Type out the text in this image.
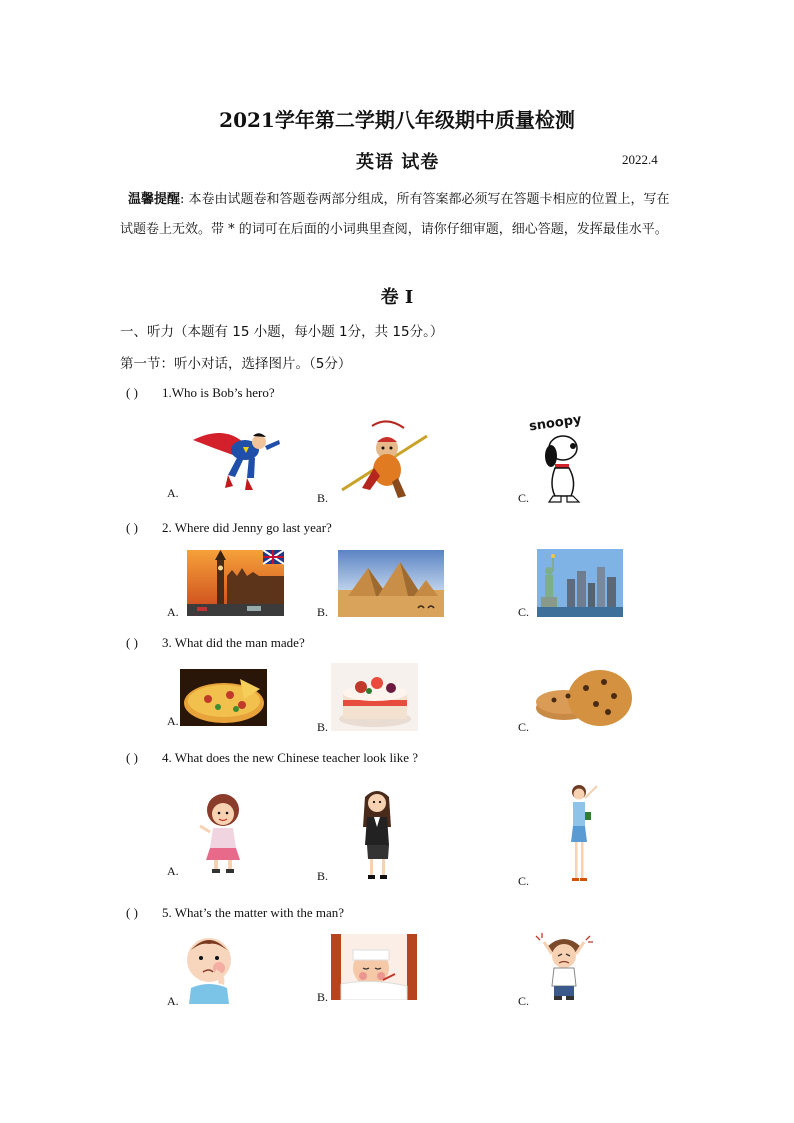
2021学年第二学期八年级期中质量检测
英语 试卷	2022.4
温馨提醒: 本卷由试题卷和答题卷两部分组成，所有答案都必须写在答题卡相应的位置上，写在试题卷上无效。带 * 的词可在后面的小词典里查阅，请你仔细审题，细心答题，发挥最佳水平。
卷 I
一、听力（本题有 15 小题，每小题 1分，共 15分。）
第一节：听小对话，选择图片。（5分）
( ) 1.Who is Bob’s hero?
A.	B.	C.
snoopy
( ) 2. Where did Jenny go last year?
A.	B.	C.
( ) 3. What did the man made?
A.	B.	C.
( ) 4. What does the new Chinese teacher look like ?
A.	B.	C.
( ) 5. What’s the matter with the man?
A.	B.	C.
